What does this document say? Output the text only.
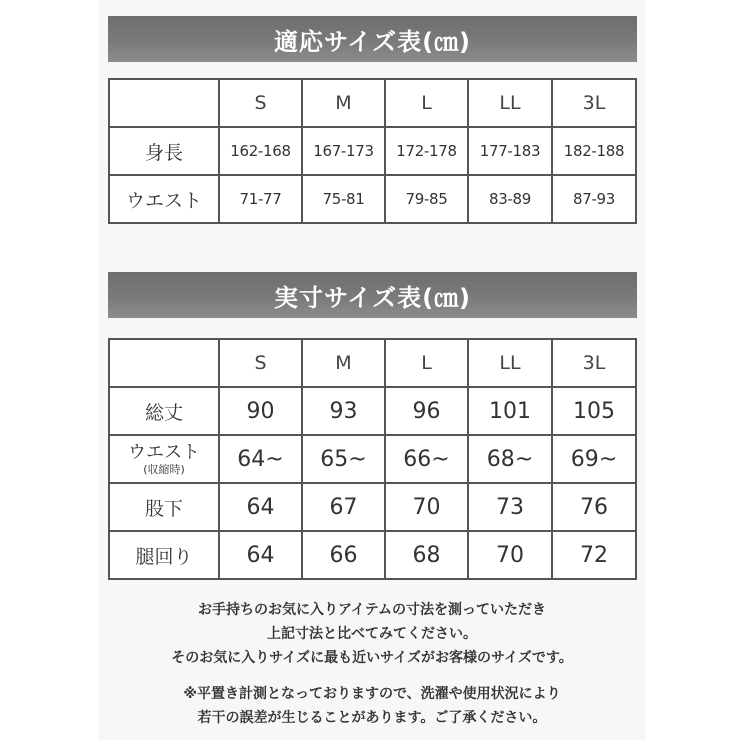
適応サイズ表(㎝)
	S	M	L	LL	3L
身長	162-168	167-173	172-178	177-183	182-188
ウエスト	71-77	75-81	79-85	83-89	87-93
実寸サイズ表(㎝)
	S	M	L	LL	3L
総丈	90	93	96	101	105

ウエスト
(収縮時)	64~	65~	66~	68~	69~
股下	64	67	70	73	76
腿回り	64	66	68	70	72
お手持ちのお気に入りアイテムの寸法を測っていただき
上記寸法と比べてみてください。
そのお気に入りサイズに最も近いサイズがお客様のサイズです。
※平置き計測となっておりますので、洗濯や使用状況により
若干の誤差が生じることがあります。ご了承ください。
